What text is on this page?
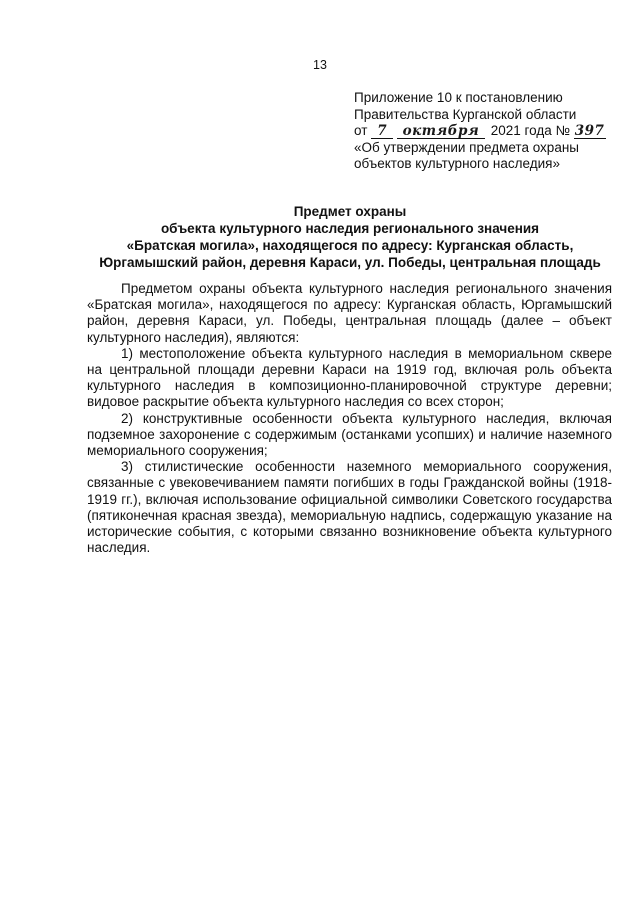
13
Приложение 10 к постановлению
Правительства Курганской области
от 7 октября 2021 года № 397
«Об утверждении предмета охраны
объектов культурного наследия»
Предмет охраны
объекта культурного наследия регионального значения
«Братская могила», находящегося по адресу: Курганская область,
Юргамышский район, деревня Караси, ул. Победы, центральная площадь

Предметом охраны объекта культурного наследия регионального значения «Братская могила», находящегося по адресу: Курганская область, Юргамышский район, деревня Караси, ул. Победы, центральная площадь (далее – объект культурного наследия), являются:

1) местоположение объекта культурного наследия в мемориальном сквере на центральной площади деревни Караси на 1919 год, включая роль объекта культурного наследия в композиционно-планировочной структуре деревни; видовое раскрытие объекта культурного наследия со всех сторон;

2) конструктивные особенности объекта культурного наследия, включая подземное захоронение с содержимым (останками усопших) и наличие наземного мемориального сооружения;

3) стилистические особенности наземного мемориального сооружения, связанные с увековечиванием памяти погибших в годы Гражданской войны (1918-1919 гг.), включая использование официальной символики Советского государства (пятиконечная красная звезда), мемориальную надпись, содержащую указание на исторические события, с которыми связанно возникновение объекта культурного наследия.
